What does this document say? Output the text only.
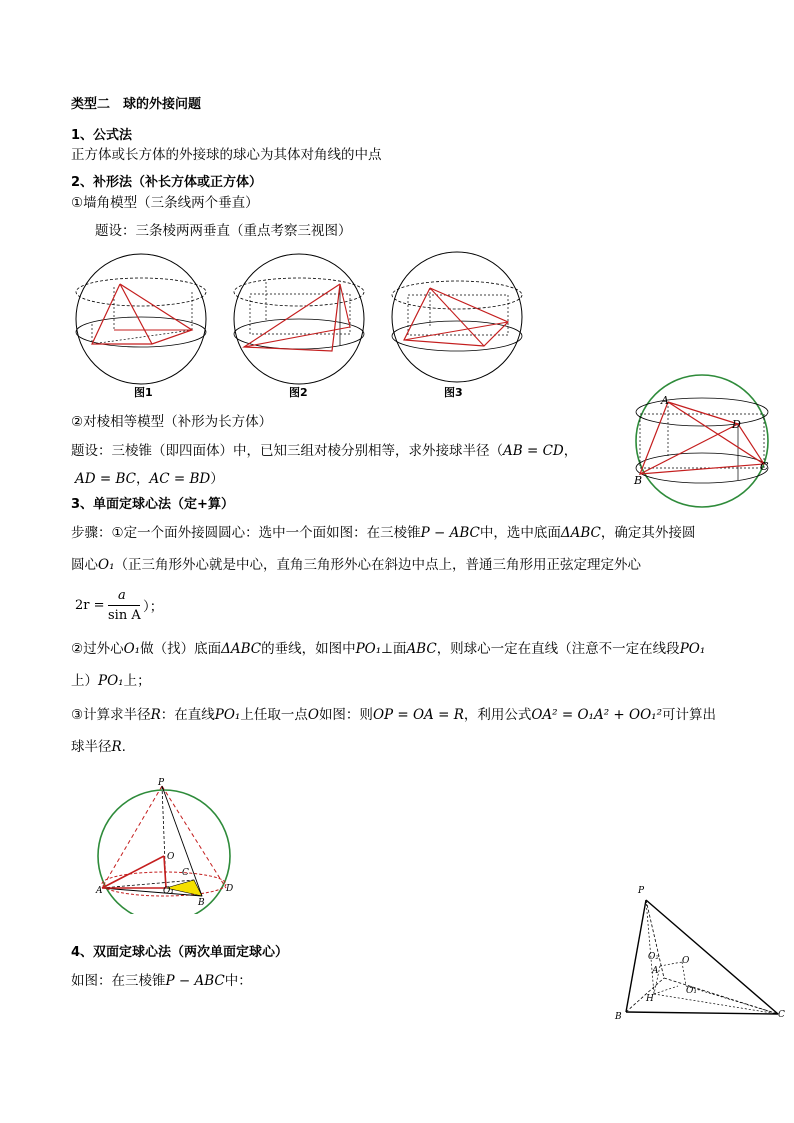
类型二　球的外接问题
1、公式法
正方体或长方体的外接球的球心为其体对角线的中点
2、补形法（补长方体或正方体）
①墙角模型（三条线两个垂直）
题设：三条棱两两垂直（重点考察三视图）
图1	图2	图3
A
B
C
D
②对棱相等模型（补形为长方体）
题设：三棱锥（即四面体）中，已知三组对棱分别相等，求外接球半径（AB = CD，
AD = BC，AC = BD）
3、单面定球心法（定+算）
步骤：①定一个面外接圆圆心：选中一个面如图：在三棱锥P − ABC中，选中底面ΔABC，确定其外接圆
圆心O₁（正三角形外心就是中心，直角三角形外心在斜边中点上，普通三角形用正弦定理定外心
2r =
a
sin A
）；
②过外心O₁做（找）底面ΔABC的垂线，如图中PO₁⊥面ABC，则球心一定在直线（注意不一定在线段PO₁
上）PO₁上；
③计算求半径R：在直线PO₁上任取一点O如图：则OP = OA = R，利用公式OA² = O₁A² + OO₁²可计算出
球半径R.
P
O
A
B
C
D
O₁
4、双面定球心法（两次单面定球心）
如图：在三棱锥P − ABC中：
P
B	C
A
O
H
O₂
O₁
